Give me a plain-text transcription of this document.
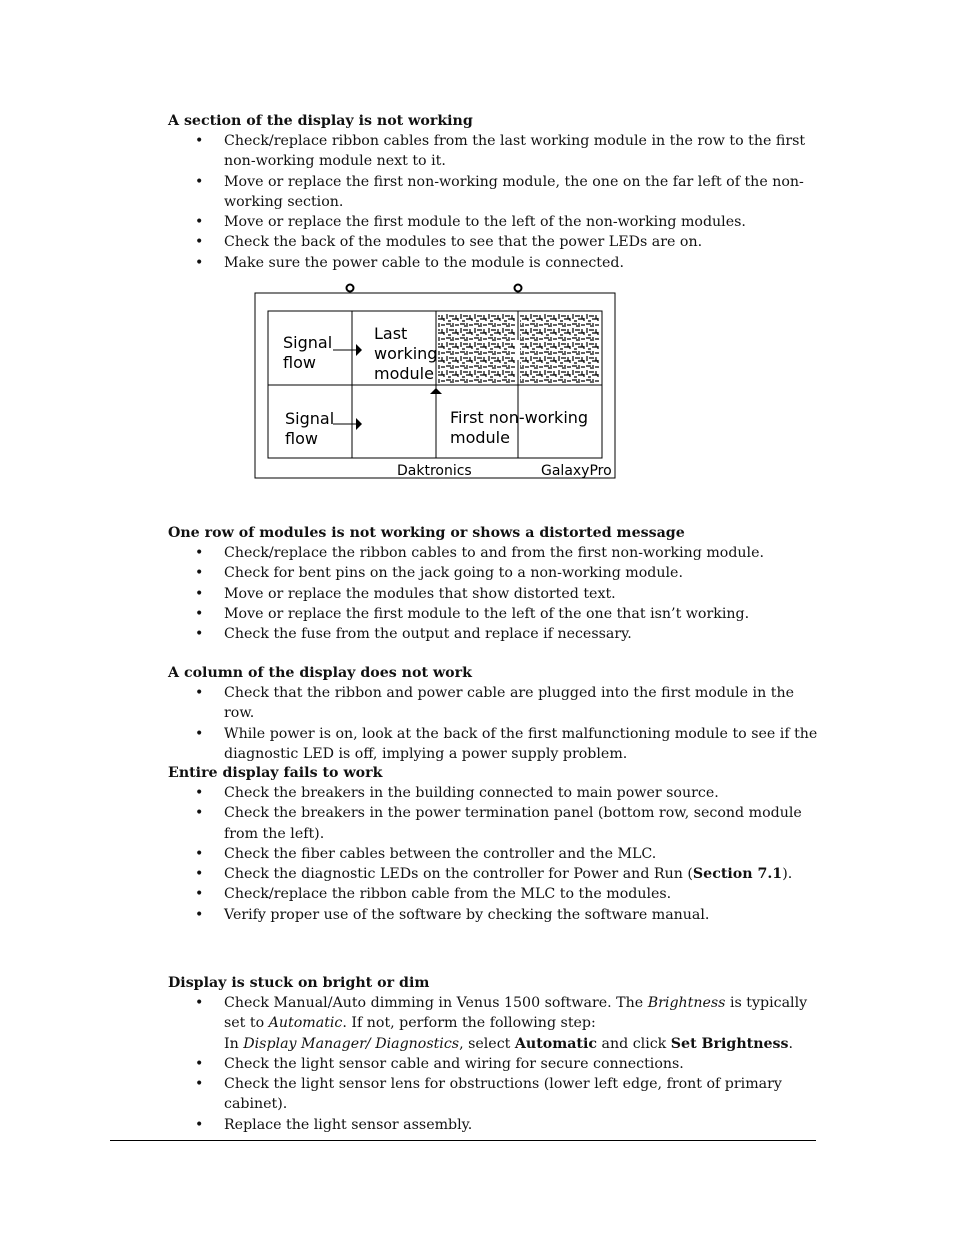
A section of the display is not working
• Check/replace ribbon cables from the last working module in the row to the first non-working module next to it.
• Move or replace the first non-working module, the one on the far left of the non-working section.
• Move or replace the first module to the left of the non-working modules.
• Check the back of the modules to see that the power LEDs are on.
• Make sure the power cable to the module is connected.
Signal
flow
Last
working
module
Signal
flow
First non-working
module
Daktronics	GalaxyPro
One row of modules is not working or shows a distorted message
• Check/replace the ribbon cables to and from the first non-working module.
• Check for bent pins on the jack going to a non-working module.
• Move or replace the modules that show distorted text.
• Move or replace the first module to the left of the one that isn’t working.
• Check the fuse from the output and replace if necessary.
A column of the display does not work
• Check that the ribbon and power cable are plugged into the first module in the row.
• While power is on, look at the back of the first malfunctioning module to see if the diagnostic LED is off, implying a power supply problem.
Entire display fails to work
• Check the breakers in the building connected to main power source.
• Check the breakers in the power termination panel (bottom row, second module from the left).
• Check the fiber cables between the controller and the MLC.
• Check the diagnostic LEDs on the controller for Power and Run (Section 7.1).
• Check/replace the ribbon cable from the MLC to the modules.
• Verify proper use of the software by checking the software manual.
Display is stuck on bright or dim
• Check Manual/Auto dimming in Venus 1500 software. The Brightness is typically set to Automatic. If not, perform the following step:
In Display Manager/ Diagnostics, select Automatic and click Set Brightness.
• Check the light sensor cable and wiring for secure connections.
• Check the light sensor lens for obstructions (lower left edge, front of primary cabinet).
• Replace the light sensor assembly.
